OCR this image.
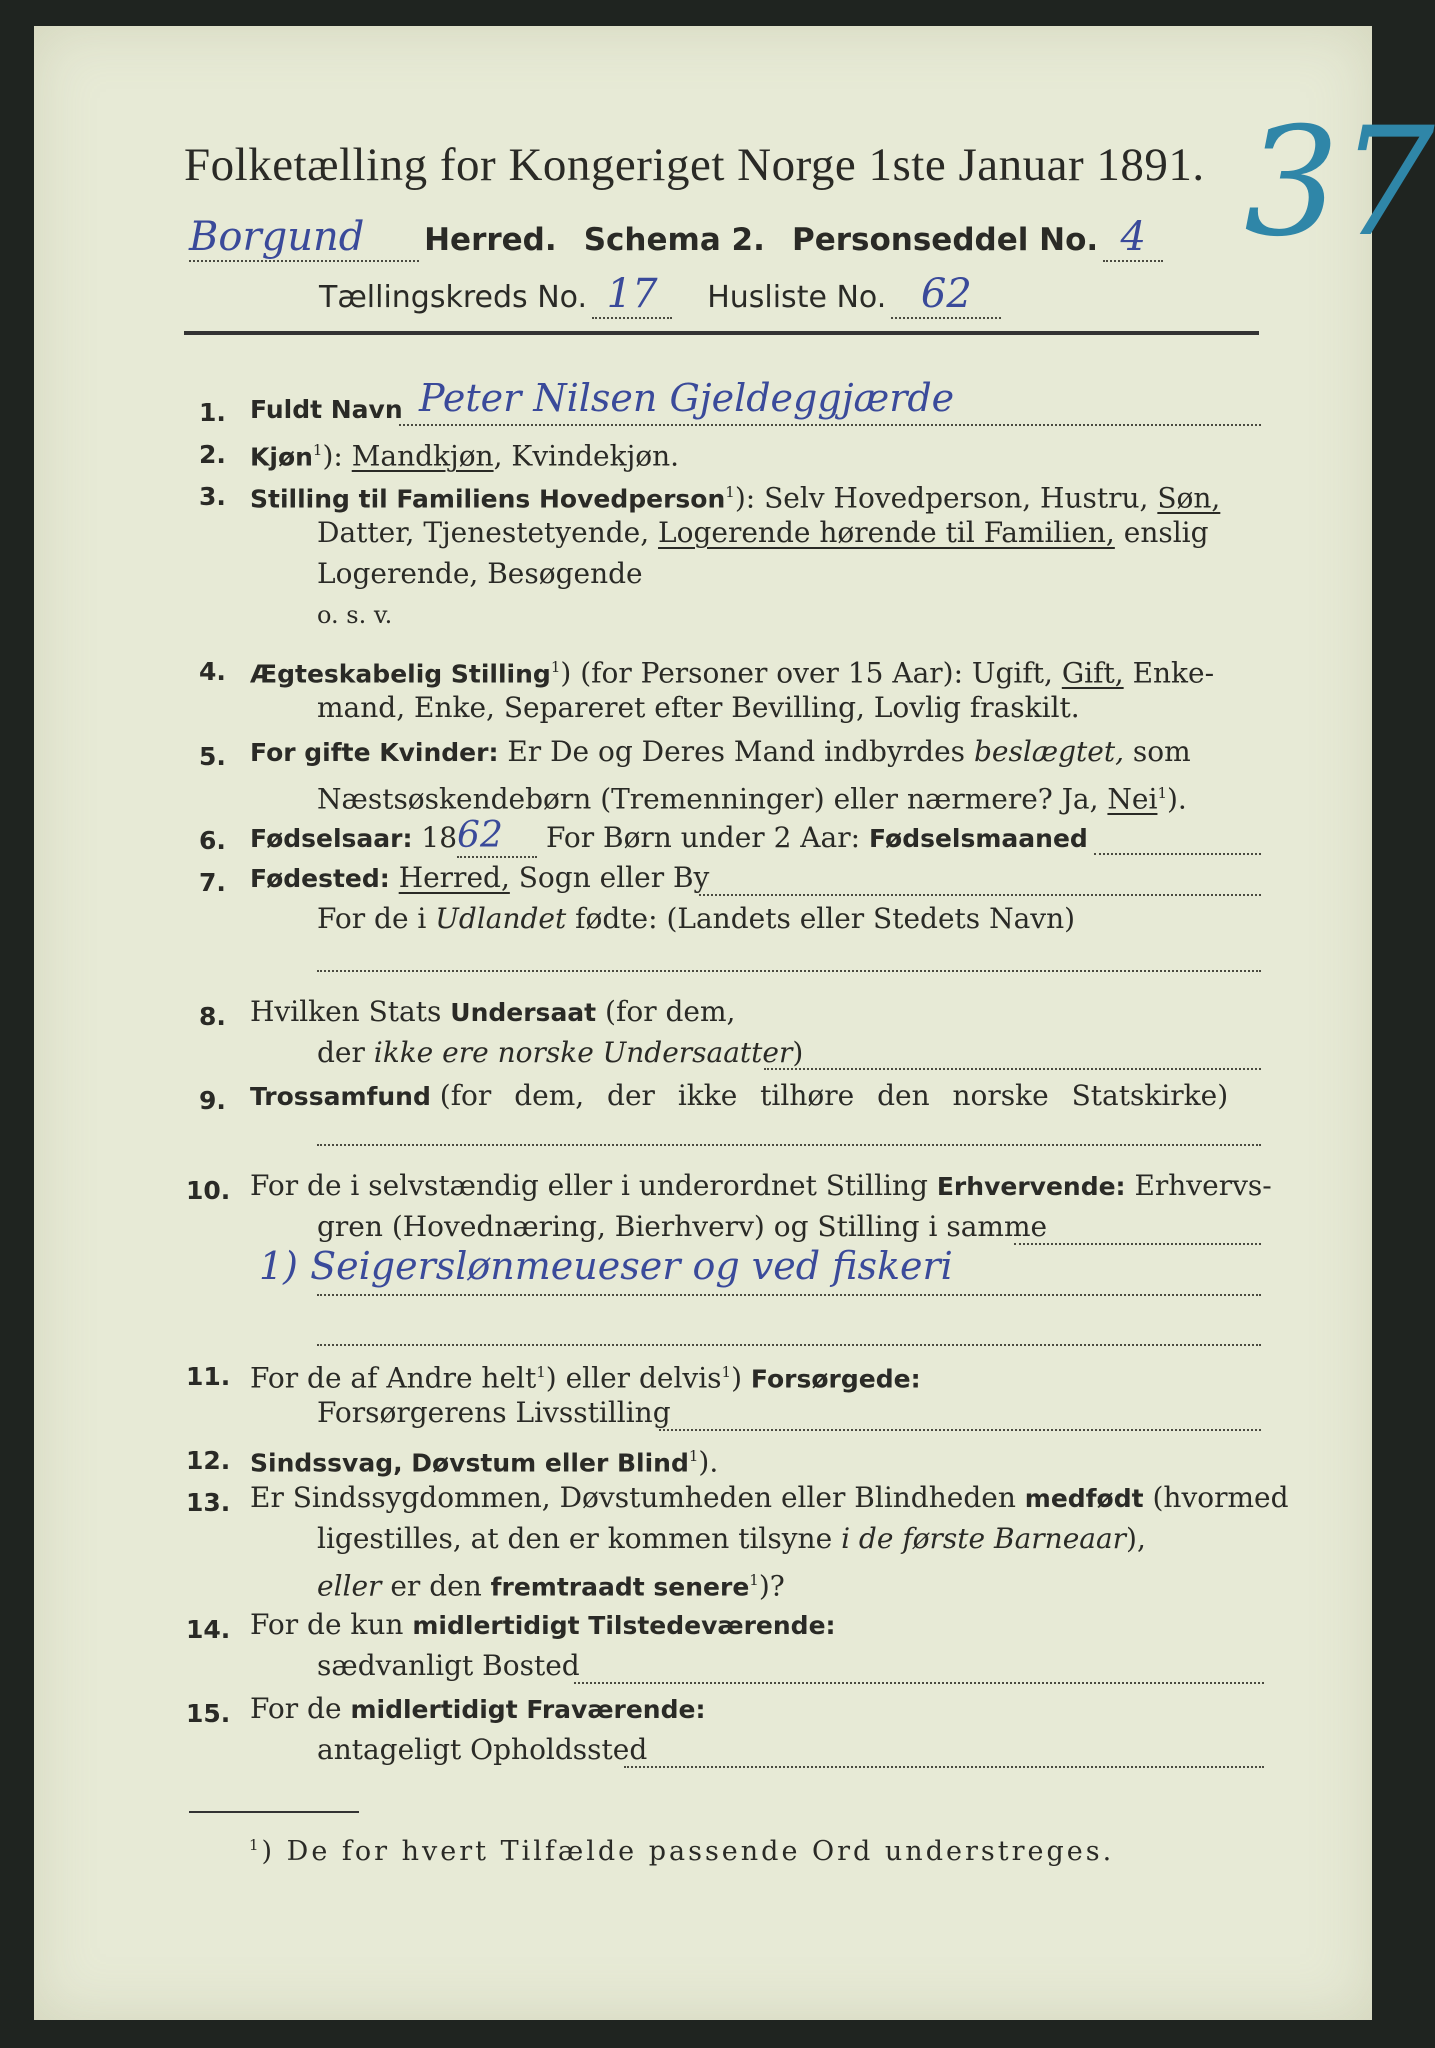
Folketælling for Kongeriget Norge 1ste Januar 1891. 37
Borgund Herred. Schema 2. Personseddel No. 4
Tællingskreds No. 17 Husliste No. 62
1. Fuldt Navn Peter Nilsen Gjeldeggjærde
2. Kjøn$^1$): Mandkjøn, Kvindekjøn.
3. Stilling til Familiens Hovedperson$^1$): Selv Hovedperson, Hustru, Søn,
Datter, Tjenestetyende, Logerende hørende til Familien, enslig
Logerende, Besøgende
o. s. v.
4. Ægteskabelig Stilling$^1$) (for Personer over 15 Aar): Ugift, Gift, Enke-
mand, Enke, Separeret efter Bevilling, Lovlig fraskilt.
5. For gifte Kvinder: Er De og Deres Mand indbyrdes beslægtet, som
Næstsøskendebørn (Tremenninger) eller nærmere? Ja, Nei$^1$).
6. Fødselsaar: 1862 For Børn under 2 Aar: Fødselsmaaned
7. Fødested: Herred, Sogn eller By
For de i Udlandet fødte: (Landets eller Stedets Navn)
8. Hvilken Stats Undersaat (for dem,
der ikke ere norske Undersaatter)
9. Trossamfund (for dem, der ikke tilhøre den norske Statskirke)
10. For de i selvstændig eller i underordnet Stilling Erhvervende: Erhvervs-
gren (Hovednæring, Bierhverv) og Stilling i samme
1) Seigerslønmeueser og ved fiskeri
11. For de af Andre helt$^1$) eller delvis$^1$) Forsørgede:
Forsørgerens Livsstilling
12. Sindssvag, Døvstum eller Blind$^1$).
13. Er Sindssygdommen, Døvstumheden eller Blindheden medfødt (hvormed
ligestilles, at den er kommen tilsyne i de første Barneaar),
eller er den fremtraadt senere$^1$)?
14. For de kun midlertidigt Tilstedeværende:
sædvanligt Bosted
15. For de midlertidigt Fraværende:
antageligt Opholdssted
$^1$) De for hvert Tilfælde passende Ord understreges.
